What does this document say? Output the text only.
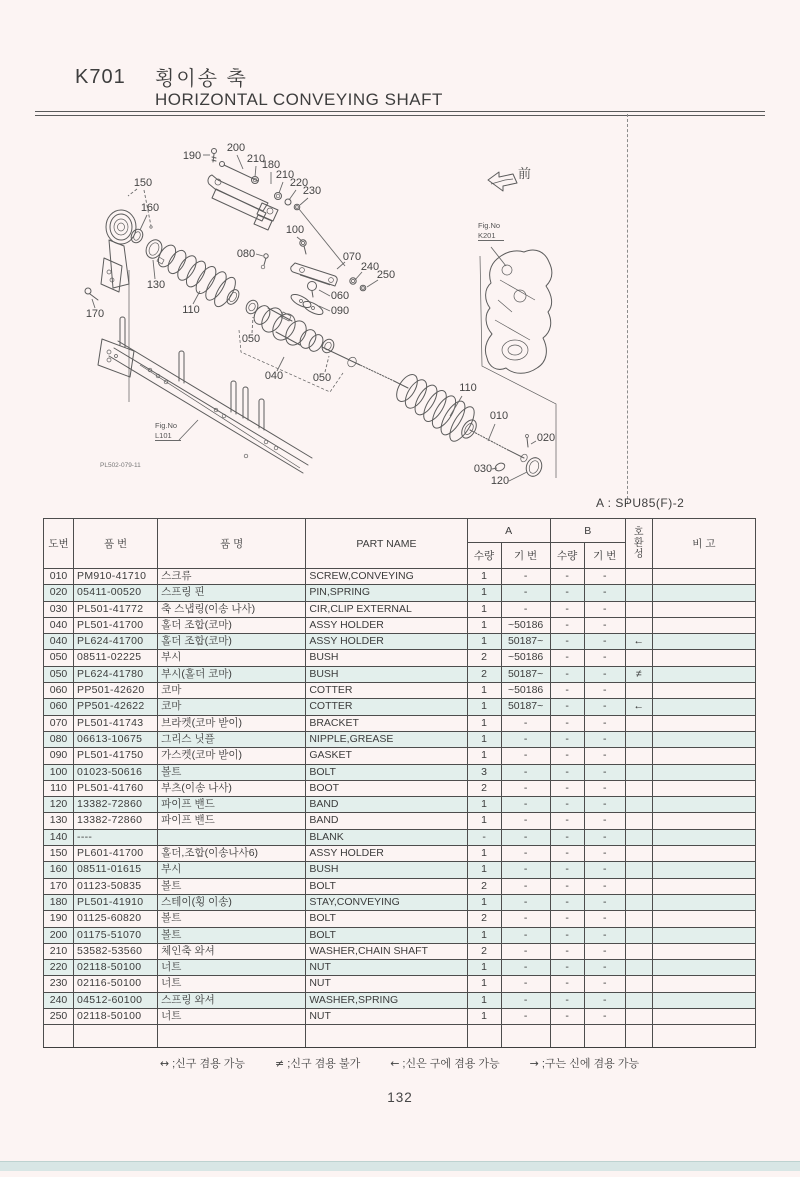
K701 횡이송 축
HORIZONTAL CONVEYING SHAFT
前
PL502-079-11
190
200
210
180
210
220
230
100
080	070
240
250
060
090
150
160
130
110
170
050
040	050
110
010
020
030
120
Fig.No
K201
Fig.No
L101
A : SPU85(F)-2
도번	품 번	품 명	PART NAME	A		B		호환성	비 고
				수량	기 번	수량	기 번		
010	PM910-41710	스크류	SCREW,CONVEYING	1	-	-	-		
020	05411-00520	스프링 핀	PIN,SPRING	1	-	-	-		
030	PL501-41772	축 스냅링(이송 나사)	CIR,CLIP EXTERNAL	1	-	-	-		
040	PL501-41700	홀더 조합(코마)	ASSY HOLDER	1	~50186	-	-		
040	PL624-41700	홀더 조합(코마)	ASSY HOLDER	1	50187~	-	-	←	
050	08511-02225	부시	BUSH	2	~50186	-	-		
050	PL624-41780	부시(홀더 코마)	BUSH	2	50187~	-	-	≠	
060	PP501-42620	코마	COTTER	1	~50186	-	-		
060	PP501-42622	코마	COTTER	1	50187~	-	-	←	
070	PL501-41743	브라켓(코마 받이)	BRACKET	1	-	-	-		
080	06613-10675	그리스 닛플	NIPPLE,GREASE	1	-	-	-		
090	PL501-41750	가스켓(코마 받이)	GASKET	1	-	-	-		
100	01023-50616	볼트	BOLT	3	-	-	-		
110	PL501-41760	부츠(이송 나사)	BOOT	2	-	-	-		
120	13382-72860	파이프 밴드	BAND	1	-	-	-		
130	13382-72860	파이프 밴드	BAND	1	-	-	-		
140	----		BLANK	-	-	-	-		
150	PL601-41700	홀더,조합(이송나사6)	ASSY HOLDER	1	-	-	-		
160	08511-01615	부시	BUSH	1	-	-	-		
170	01123-50835	볼트	BOLT	2	-	-	-		
180	PL501-41910	스테이(횡 이송)	STAY,CONVEYING	1	-	-	-		
190	01125-60820	볼트	BOLT	2	-	-	-		
200	01175-51070	볼트	BOLT	1	-	-	-		
210	53582-53560	체인축 와셔	WASHER,CHAIN SHAFT	2	-	-	-		
220	02118-50100	너트	NUT	1	-	-	-		
230	02116-50100	너트	NUT	1	-	-	-		
240	04512-60100	스프링 와셔	WASHER,SPRING	1	-	-	-		
250	02118-50100	너트	NUT	1	-	-	-		

↔ ;신구 겸용 가능	≠ ;신구 겸용 불가	← ;신은 구에 겸용 가능	→ ;구는 신에 겸용 가능
132
